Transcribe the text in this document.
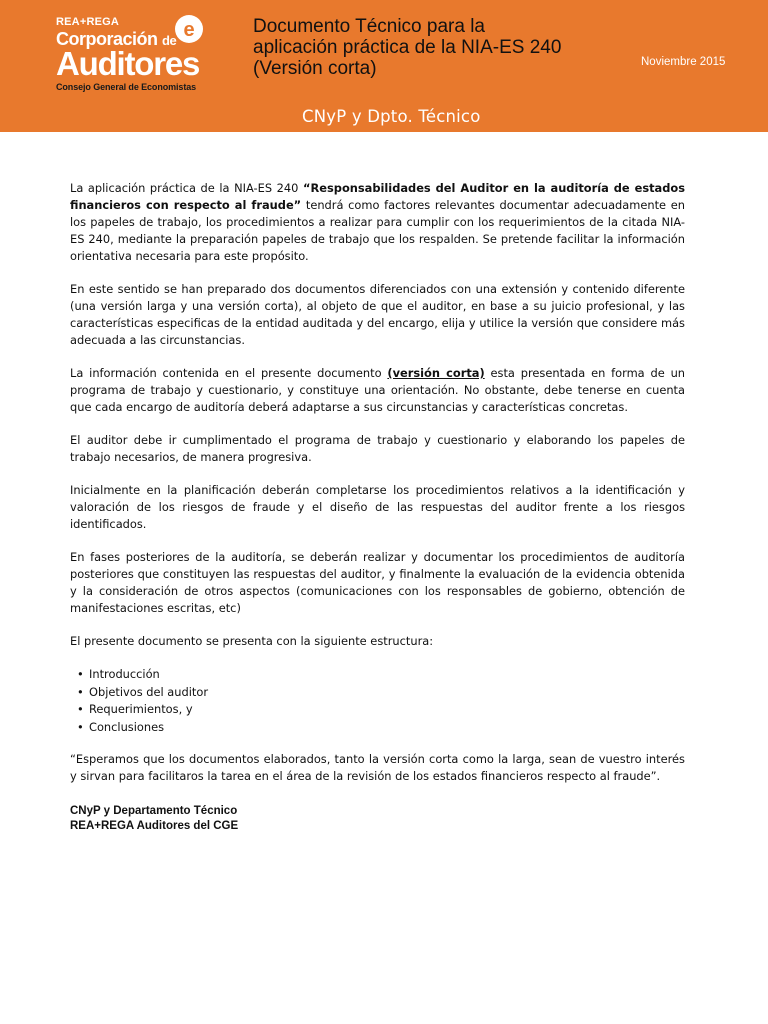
REA+REGA
Corporación de
Auditores
Consejo General de Economistas
e	Documento Técnico para la
aplicación práctica de la NIA-ES 240
(Versión corta)	Noviembre 2015
CNyP y Dpto. Técnico

La aplicación práctica de la NIA-ES 240 “Responsabilidades del Auditor en la auditoría de estados financieros con respecto al fraude” tendrá como factores relevantes documentar adecuadamente en los papeles de trabajo, los procedimientos a realizar para cumplir con los requerimientos de la citada NIA-ES 240, mediante la preparación papeles de trabajo que los respalden. Se pretende facilitar la información orientativa necesaria para este propósito.

En este sentido se han preparado dos documentos diferenciados con una extensión y contenido diferente (una versión larga y una versión corta), al objeto de que el auditor, en base a su juicio profesional, y las características especificas de la entidad auditada y del encargo, elija y utilice la versión que considere más adecuada a las circunstancias.

La información contenida en el presente documento (versión corta) esta presentada en forma de un programa de trabajo y cuestionario, y constituye una orientación. No obstante, debe tenerse en cuenta que cada encargo de auditoría deberá adaptarse a sus circunstancias y características concretas.

El auditor debe ir cumplimentado el programa de trabajo y cuestionario y elaborando los papeles de trabajo necesarios, de manera progresiva.

Inicialmente en la planificación deberán completarse los procedimientos relativos a la identificación y valoración de los riesgos de fraude y el diseño de las respuestas del auditor frente a los riesgos identificados.

En fases posteriores de la auditoría, se deberán realizar y documentar los procedimientos de auditoría posteriores que constituyen las respuestas del auditor, y finalmente la evaluación de la evidencia obtenida y la consideración de otros aspectos (comunicaciones con los responsables de gobierno, obtención de manifestaciones escritas, etc)

El presente documento se presenta con la siguiente estructura:

• Introducción
• Objetivos del auditor
• Requerimientos, y
• Conclusiones

“Esperamos que los documentos elaborados, tanto la versión corta como la larga, sean de vuestro interés y sirvan para facilitaros la tarea en el área de la revisión de los estados financieros respecto al fraude”.

CNyP y Departamento Técnico
REA+REGA Auditores del CGE
